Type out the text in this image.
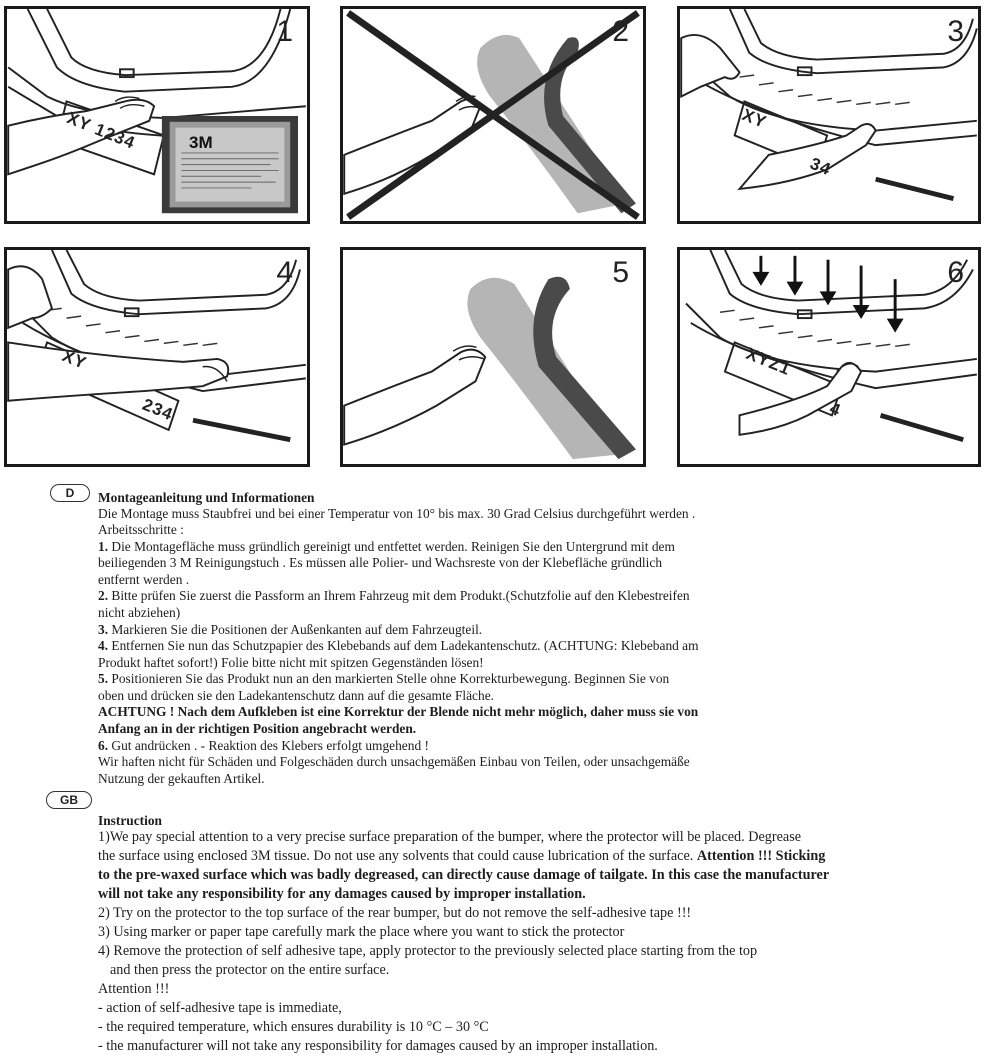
1
XY 1234	3M
2	3
XY
34
4
XY
234
5	6
XYZ1
4
D	Montageanleitung und Informationen
Die Montage muss Staubfrei und bei einer Temperatur von 10° bis max. 30 Grad Celsius durchgeführt werden .
Arbeitsschritte :
1. Die Montagefläche muss gründlich gereinigt und entfettet werden. Reinigen Sie den Untergrund mit dem
beiliegenden 3 M Reinigungstuch . Es müssen alle Polier- und Wachsreste von der Klebefläche gründlich
entfernt werden .
2. Bitte prüfen Sie zuerst die Passform an Ihrem Fahrzeug mit dem Produkt.(Schutzfolie auf den Klebestreifen
nicht abziehen)
3. Markieren Sie die Positionen der Außenkanten auf dem Fahrzeugteil.
4. Entfernen Sie nun das Schutzpapier des Klebebands auf dem Ladekantenschutz. (ACHTUNG: Klebeband am
Produkt haftet sofort!) Folie bitte nicht mit spitzen Gegenständen lösen!
5. Positionieren Sie das Produkt nun an den markierten Stelle ohne Korrekturbewegung. Beginnen Sie von
oben und drücken sie den Ladekantenschutz dann auf die gesamte Fläche.
ACHTUNG ! Nach dem Aufkleben ist eine Korrektur der Blende nicht mehr möglich, daher muss sie von
Anfang an in der richtigen Position angebracht werden.
6. Gut andrücken . - Reaktion des Klebers erfolgt umgehend !
Wir haften nicht für Schäden und Folgeschäden durch unsachgemäßen Einbau von Teilen, oder unsachgemäße
Nutzung der gekauften Artikel.
GB
Instruction
1)We pay special attention to a very precise surface preparation of the bumper, where the protector will be placed. Degrease
the surface using enclosed 3M tissue. Do not use any solvents that could cause lubrication of the surface. Attention !!! Sticking
to the pre-waxed surface which was badly degreased, can directly cause damage of tailgate. In this case the manufacturer
will not take any responsibility for any damages caused by improper installation.
2) Try on the protector to the top surface of the rear bumper, but do not remove the self-adhesive tape !!!
3) Using marker or paper tape carefully mark the place where you want to stick the protector
4) Remove the protection of self adhesive tape, apply protector to the previously selected place starting from the top
and then press the protector on the entire surface.
Attention !!!
- action of self-adhesive tape is immediate,
- the required temperature, which ensures durability is 10 °C – 30 °C
- the manufacturer will not take any responsibility for damages caused by an improper installation.
